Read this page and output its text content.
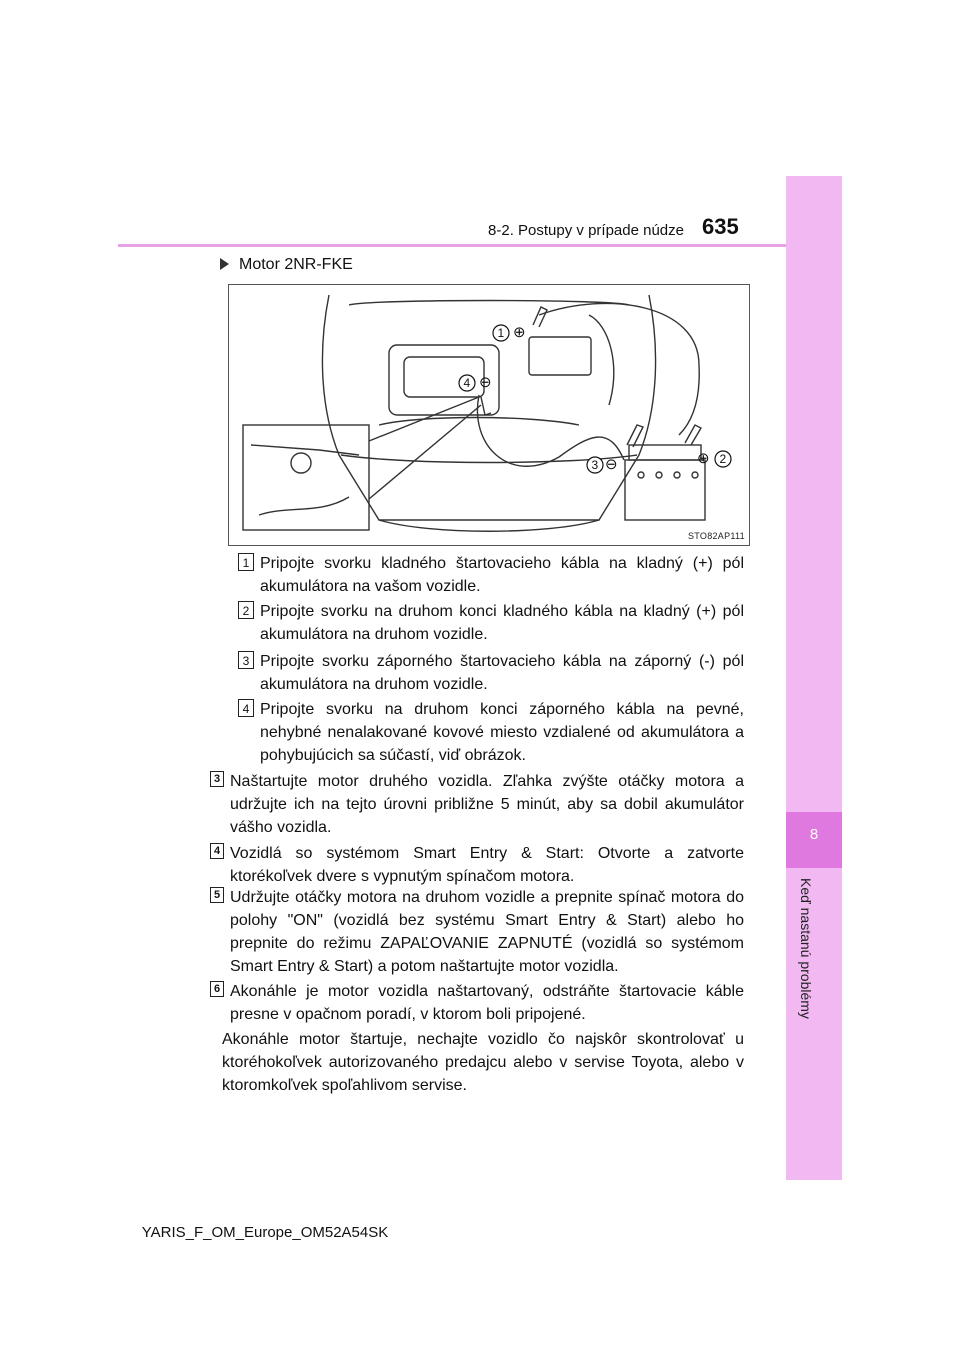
8
Keď nastanú problémy
8-2. Postupy v prípade núdze 635
Motor 2NR-FKE
1 ⊕
4 ⊖
3 ⊖	⊕ 2
STO82AP111
1 Pripojte svorku kladného štartovacieho kábla na kladný (+) pól akumulátora na vašom vozidle.
2 Pripojte svorku na druhom konci kladného kábla na kladný (+) pól akumulátora na druhom vozidle.
3 Pripojte svorku záporného štartovacieho kábla na záporný (-) pól akumulátora na druhom vozidle.
4 Pripojte svorku na druhom konci záporného kábla na pevné, nehybné nenalakované kovové miesto vzdialené od akumulátora a pohybujúcich sa súčastí, viď obrázok.
3 Naštartujte motor druhého vozidla. Zľahka zvýšte otáčky motora a udržujte ich na tejto úrovni približne 5 minút, aby sa dobil akumulátor vášho vozidla.
4 Vozidlá so systémom Smart Entry & Start: Otvorte a zatvorte ktorékoľvek dvere s vypnutým spínačom motora.
5 Udržujte otáčky motora na druhom vozidle a prepnite spínač motora do polohy "ON" (vozidlá bez systému Smart Entry & Start) alebo ho prepnite do režimu ZAPAĽOVANIE ZAPNUTÉ (vozidlá so systémom Smart Entry & Start) a potom naštartujte motor vozidla.
6 Akonáhle je motor vozidla naštartovaný, odstráňte štartovacie káble presne v opačnom poradí, v ktorom boli pripojené.
Akonáhle motor štartuje, nechajte vozidlo čo najskôr skontrolovať u ktoréhokoľvek autorizovaného predajcu alebo v servise Toyota, alebo v ktoromkoľvek spoľahlivom servise.
YARIS_F_OM_Europe_OM52A54SK
